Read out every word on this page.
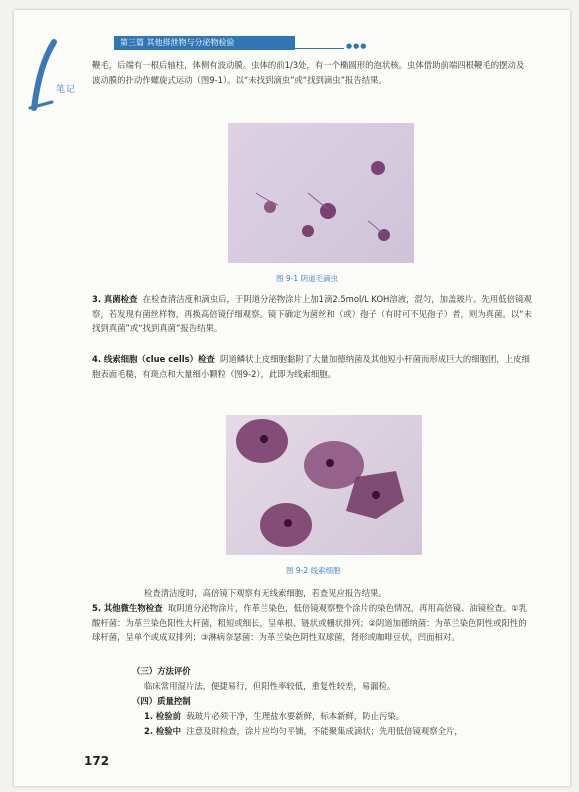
笔记
第三篇 其他排泄物与分泌物检验	●●●
鞭毛，后端有一根后轴柱，体侧有波动膜。虫体的前1/3处，有一个椭圆形的泡状核。虫体借助前端四根鞭毛的摆动及波动膜的扑动作螺旋式运动（图9-1）。以“未找到滴虫”或“找到滴虫”报告结果。
图 9-1 阴道毛滴虫
3. 真菌检查 在检查清洁度和滴虫后，于阴道分泌物涂片上加1滴2.5mol/L KOH溶液，混匀，加盖玻片。先用低倍镜观察，若发现有菌丝样物，再换高倍镜仔细观察。镜下确定为菌丝和（或）孢子（有时可不见孢子）者，则为真菌。以“未找到真菌”或“找到真菌”报告结果。
4. 线索细胞（clue cells）检查 阴道鳞状上皮细胞黏附了大量加德纳菌及其他短小杆菌而形成巨大的细胞团，上皮细胞表面毛糙，有斑点和大量细小颗粒（图9-2），此即为线索细胞。
图 9-2 线索细胞
检查清洁度时，高倍镜下观察有无线索细胞，若查见应报告结果。
5. 其他微生物检查 取阴道分泌物涂片，作革兰染色，低倍镜观察整个涂片的染色情况，再用高倍镜、油镜检查。①乳酸杆菌：为革兰染色阳性大杆菌，粗短或细长，呈单根、链状或栅状排列；②阴道加德纳菌：为革兰染色阴性或阳性的球杆菌，呈单个或成双排列；③淋病奈瑟菌：为革兰染色阴性双球菌，肾形或咖啡豆状，凹面相对。
（三）方法评价
临床常用湿片法，便捷易行，但阳性率较低，重复性较差，易漏检。
（四）质量控制
1. 检验前 载玻片必须干净，生理盐水要新鲜，标本新鲜，防止污染。
2. 检验中 注意及时检查，涂片应均匀平铺，不能聚集成滴状；先用低倍镜观察全片，
172
